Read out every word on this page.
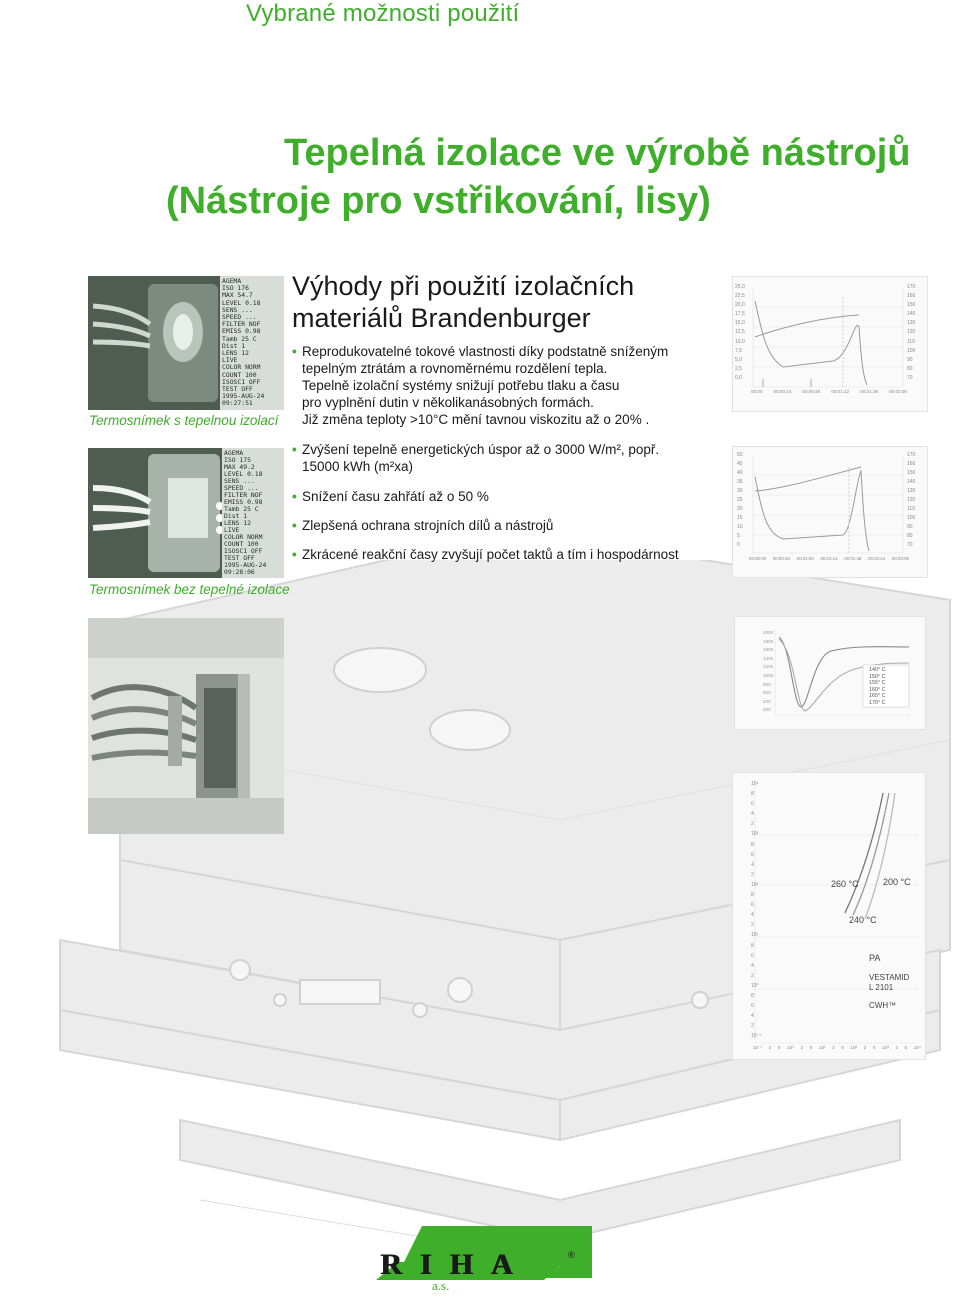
Vybrané možnosti použití
Tepelná izolace ve výrobě nástrojů
(Nástroje pro vstřikování, lisy)
AGEMA
ISO 176
MAX 54.7
LEVEL 0.18
SENS ...
SPEED ...
FILTER NOF
EMISS 0.98
Tamb 25 C
Dist 1
LENS 12
LIVE
COLOR NORM
COUNT 100
ISOSC1 OFF
TEST OFF
1995-AUG-24
09:27:51
Termosnímek s tepelnou izolací
AGEMA
ISO 175
MAX 49.2
LEVEL 0.18
SENS ...
SPEED ...
FILTER NOF
EMISS 0.98
Tamb 25 C
Dist 1
LENS 12
LIVE
COLOR NORM
COUNT 100
ISOSC1 OFF
TEST OFF
1995-AUG-24
09:28:06
Termosnímek bez tepelné izolace
Výhody při použití izolačních
materiálů Brandenburger
• Reprodukovatelné tokové vlastnosti díky podstatně sníženým
tepelným ztrátám a rovnoměrnému rozdělení tepla.
Tepelně izolační systémy snižují potřebu tlaku a času
pro vyplnění dutin v několikanásobných formách.
Již změna teploty >10°C mění tavnou viskozitu až o 20% .
• Zvýšení tepelně energetických úspor až o 3000 W/m², popř.
15000 kWh (m²xa)
• Snížení času zahřátí až o 50 %
• Zlepšená ochrana strojních dílů a nástrojů
• Zkrácené reakční časy zvyšují počet taktů a tím i hospodárnost
25,0
22,5
20,0
17,5
15,0
12,5
10,0
7,5
5,0
2,5
0,0
170
160
150
140
130
120
110
100
90
80
70
00:00 00:00:24 00:00:48 00:01:12 00:01:36 00:02:00
50
45
40
35
30
25
20
15
10
5
0
170
160
150
140
130
120
110
100
90
80
70
00:00:00 00:00:30 00:01:00 00:01:13 00:01:48 00:02:24 00:03:00
2000
1800
1600
1400
1200
1000
800
600
400
200
140° C
150° C
155° C
160° C
165° C
170° C
10⁴
8
6
4
2
10³
8
6
4
2
10²
8
6
4
2
10¹
8
6
4
2
10⁰
8
6
4
2
10⁻¹
10⁻¹ 2 5 10⁰ 2 5 10¹ 2 5 10² 2 5 10³ 2 5 10⁴
260 °C	200 °C
240 °C
PA
VESTAMID
L 2101
CWH™
RIHA	®
a.s.
